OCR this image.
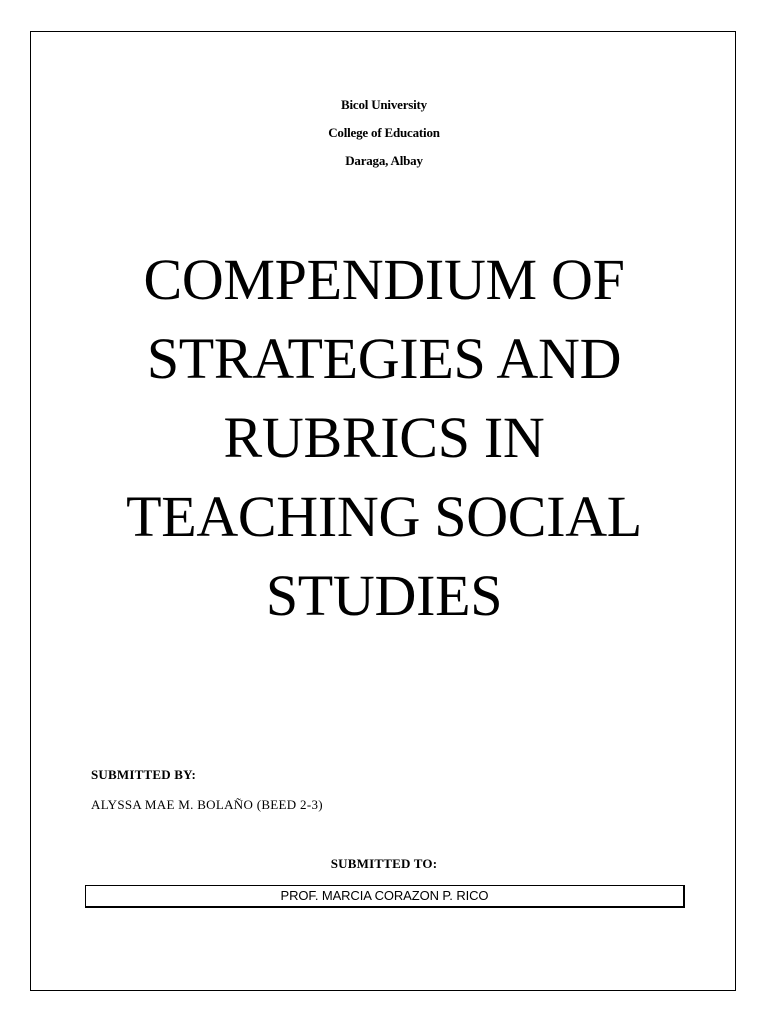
Bicol University
College of Education
Daraga, Albay
COMPENDIUM OF
STRATEGIES AND
RUBRICS IN
TEACHING SOCIAL
STUDIES
SUBMITTED BY:
ALYSSA MAE M. BOLAÑO (BEED 2-3)
SUBMITTED TO:
PROF. MARCIA CORAZON P. RICO
